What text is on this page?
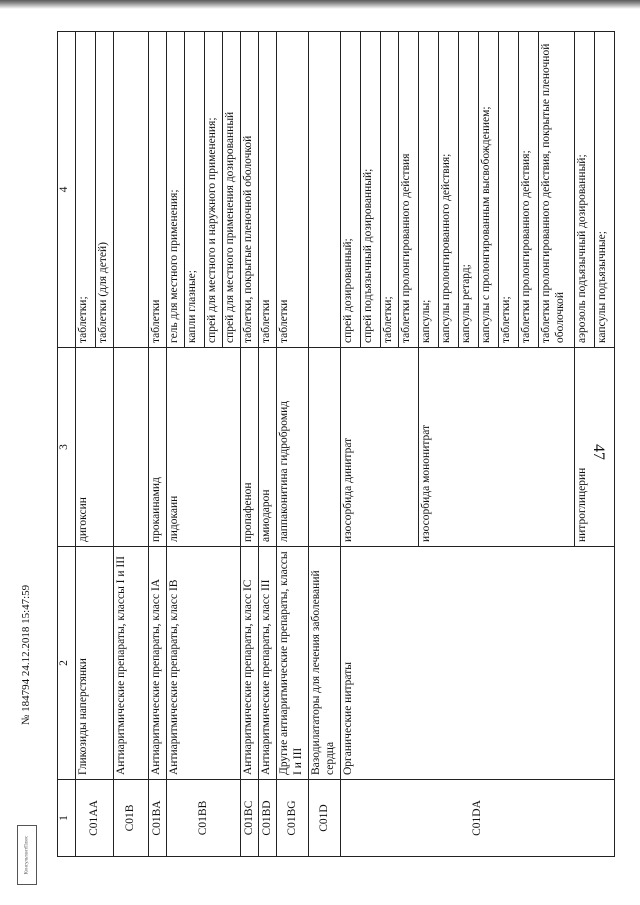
47
№ 184794 24.12.2018 15:47:59
КонсультантПлюс
1	2	3	4
C01AA	Гликозиды наперстянки	дигоксин	таблетки;
			таблетки (для детей)
C01B	Антиаритмические препараты, классы I и III		
C01BA	Антиаритмические препараты, класс IA	прокаинамид	таблетки
C01BB	Антиаритмические препараты, класс IB	лидокаин	гель для местного применения;
			капли глазные;
			спрей для местного и наружного применения;
			спрей для местного применения дозированный
C01BC	Антиаритмические препараты, класс IC	пропафенон	таблетки, покрытые пленочной оболочкой
C01BD	Антиаритмические препараты, класс III	амиодарон	таблетки
C01BG	Другие антиаритмические препараты, классы I и III	лаппаконитина гидробромид	таблетки
C01D	Вазодилататоры для лечения заболеваний сердца		
C01DA	Органические нитраты	изосорбида динитрат	спрей дозированный;
			спрей подъязычный дозированный;
			таблетки;
			таблетки пролонгированного действия
		изосорбида мононитрат	капсулы;
			капсулы пролонгированного действия;
			капсулы ретард;
			капсулы с пролонгированным высвобождением;
			таблетки;
			таблетки пролонгированного действия;
			таблетки пролонгированного действия, покрытые пленочной оболочкой
		нитроглицерин	аэрозоль подъязычный дозированный;
			капсулы подъязычные;
